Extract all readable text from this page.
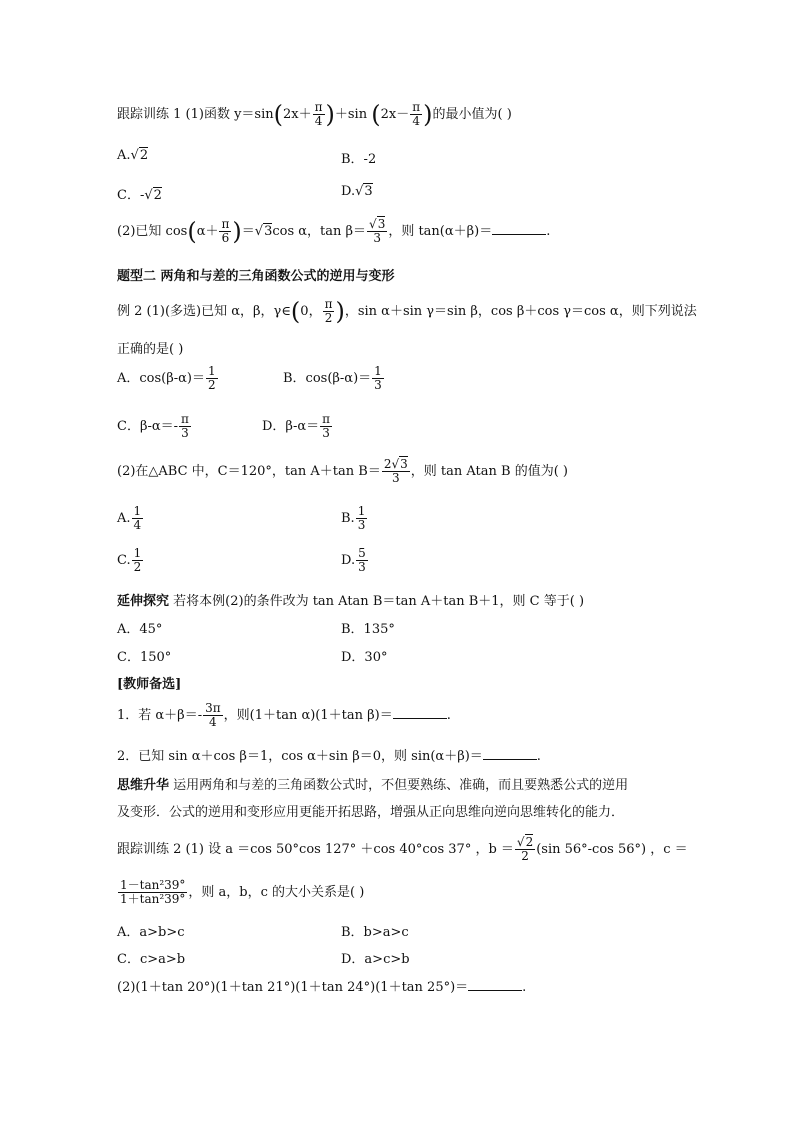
跟踪训练 1 (1)函数 $y=\sin(2x+ \frac{\pi}{4} )+\sin$ ($2x- \frac{\pi}{4}$ )的最小值为( )
A.√2	B．-2
C．-√2	D.√3
(2)已知 $\cos(\alpha+ \frac{\pi}{6} )=√3\cos$ α，$\tan \beta= \frac{√3}{3}$ ，则 tan(α＋β)＝	.
题型二 两角和与差的三角函数公式的逆用与变形
例 2 (1)(多选)已知 α，β，γ∈(0， $\frac{\pi}{2}$ )，sin α＋sin γ＝sin β，cos β＋cos γ＝cos α，则下列说法
正确的是( )
A．$\cos(\beta-\alpha)= \frac{1}{2}$	B．$\cos(\beta-\alpha)= \frac{1}{3}$
C．$\beta-\alpha=- \frac{\pi}{3}$	D．$\beta-\alpha= \frac{\pi}{3}$
(2)在△ABC 中，C＝120°，tan A＋tan $B= \frac{2√3}{3}$ ，则 tan Atan B 的值为( )
A. $\frac{1}{4}$	B. $\frac{1}{3}$
C. $\frac{1}{2}$	D. $\frac{5}{3}$
延伸探究 若将本例(2)的条件改为 tan Atan B＝tan A＋tan B＋1，则 C 等于( )
A．45°	B．135°
C．150°	D．30°
[教师备选]
1．若 $\alpha+\beta=- \frac{3\pi}{4}$ ，则(1＋tan α)(1＋tan β)＝	.
2．已知 sin α＋cos β＝1，cos α＋sin β＝0，则 sin(α＋β)＝	.
思维升华 运用两角和与差的三角函数公式时，不但要熟练、准确，而且要熟悉公式的逆用
及变形．公式的逆用和变形应用更能开拓思路，增强从正向思维向逆向思维转化的能力．
跟踪训练 2 (1) 设 a ＝cos 50°cos 127° ＋cos 40°cos 37° ，$b = \frac{√2}{2} (\sin$ 56°-cos 56°) ，c ＝
$\frac{\text{1－tan²39°}}{\text{1＋tan²39°}}$ ，则 a，b，c 的大小关系是( )
A．a>b>c	B．b>a>c
C．c>a>b	D．a>c>b
(2)(1＋tan 20°)(1＋tan 21°)(1＋tan 24°)(1＋tan 25°)＝	.
